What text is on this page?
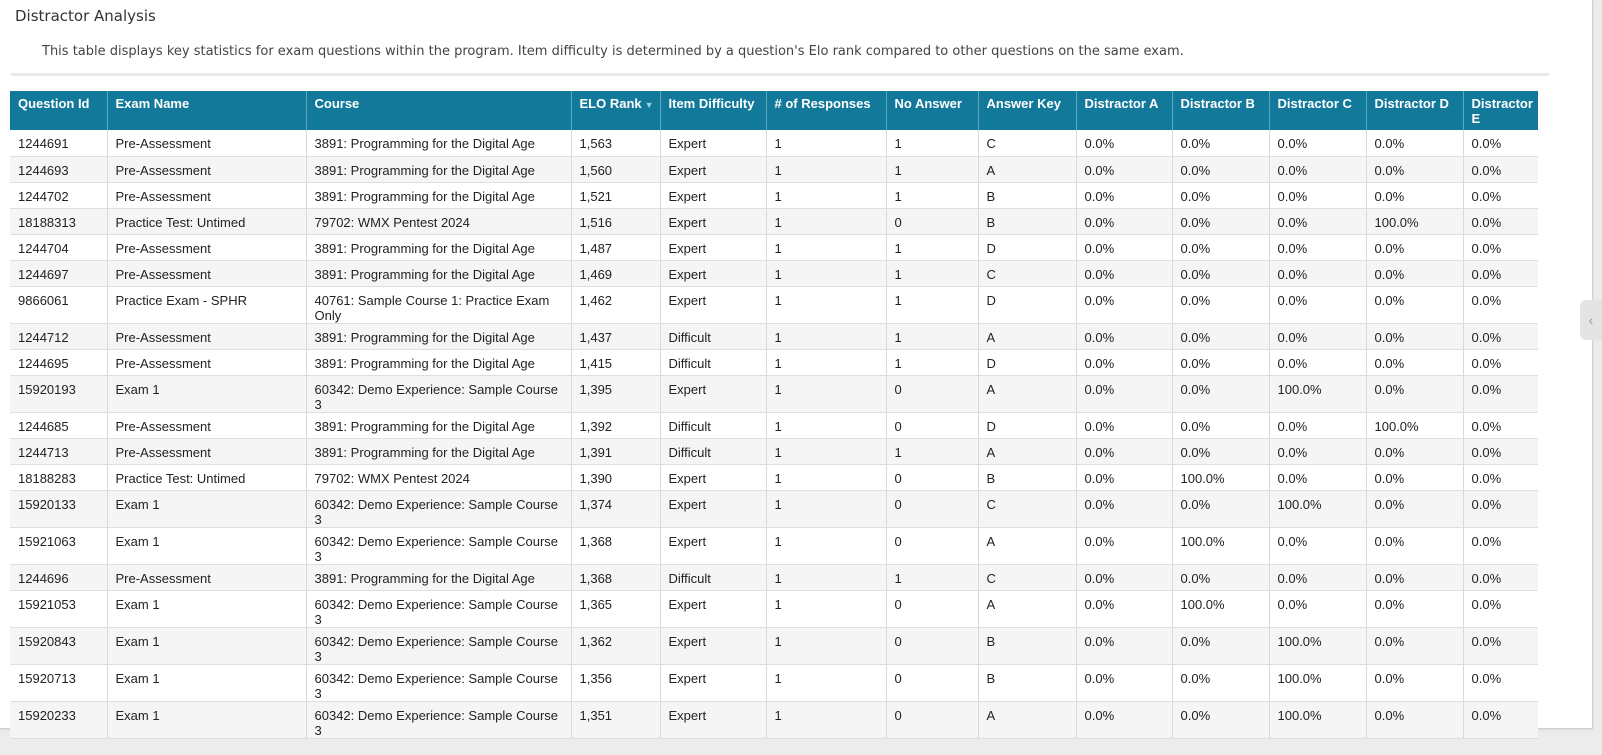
Distractor Analysis
This table displays key statistics for exam questions within the program. Item difficulty is determined by a question's Elo rank compared to other questions on the same exam.
Question Id	Exam Name	Course	ELO Rank ▼	Item Difficulty	# of Responses	No Answer	Answer Key	Distractor A	Distractor B	Distractor C	Distractor D	Distractor E
1244691	Pre-Assessment	3891: Programming for the Digital Age	1,563	Expert	1	1	C	0.0%	0.0%	0.0%	0.0%	0.0%
1244693	Pre-Assessment	3891: Programming for the Digital Age	1,560	Expert	1	1	A	0.0%	0.0%	0.0%	0.0%	0.0%
1244702	Pre-Assessment	3891: Programming for the Digital Age	1,521	Expert	1	1	B	0.0%	0.0%	0.0%	0.0%	0.0%
18188313	Practice Test: Untimed	79702: WMX Pentest 2024	1,516	Expert	1	0	B	0.0%	0.0%	0.0%	100.0%	0.0%
1244704	Pre-Assessment	3891: Programming for the Digital Age	1,487	Expert	1	1	D	0.0%	0.0%	0.0%	0.0%	0.0%
1244697	Pre-Assessment	3891: Programming for the Digital Age	1,469	Expert	1	1	C	0.0%	0.0%	0.0%	0.0%	0.0%
9866061	Practice Exam - SPHR	40761: Sample Course 1: Practice Exam Only	1,462	Expert	1	1	D	0.0%	0.0%	0.0%	0.0%	0.0%
1244712	Pre-Assessment	3891: Programming for the Digital Age	1,437	Difficult	1	1	A	0.0%	0.0%	0.0%	0.0%	0.0%
1244695	Pre-Assessment	3891: Programming for the Digital Age	1,415	Difficult	1	1	D	0.0%	0.0%	0.0%	0.0%	0.0%
15920193	Exam 1	60342: Demo Experience: Sample Course 3	1,395	Expert	1	0	A	0.0%	0.0%	100.0%	0.0%	0.0%
1244685	Pre-Assessment	3891: Programming for the Digital Age	1,392	Difficult	1	0	D	0.0%	0.0%	0.0%	100.0%	0.0%
1244713	Pre-Assessment	3891: Programming for the Digital Age	1,391	Difficult	1	1	A	0.0%	0.0%	0.0%	0.0%	0.0%
18188283	Practice Test: Untimed	79702: WMX Pentest 2024	1,390	Expert	1	0	B	0.0%	100.0%	0.0%	0.0%	0.0%
15920133	Exam 1	60342: Demo Experience: Sample Course 3	1,374	Expert	1	0	C	0.0%	0.0%	100.0%	0.0%	0.0%
15921063	Exam 1	60342: Demo Experience: Sample Course 3	1,368	Expert	1	0	A	0.0%	100.0%	0.0%	0.0%	0.0%
1244696	Pre-Assessment	3891: Programming for the Digital Age	1,368	Difficult	1	1	C	0.0%	0.0%	0.0%	0.0%	0.0%
15921053	Exam 1	60342: Demo Experience: Sample Course 3	1,365	Expert	1	0	A	0.0%	100.0%	0.0%	0.0%	0.0%
15920843	Exam 1	60342: Demo Experience: Sample Course 3	1,362	Expert	1	0	B	0.0%	0.0%	100.0%	0.0%	0.0%
15920713	Exam 1	60342: Demo Experience: Sample Course 3	1,356	Expert	1	0	B	0.0%	0.0%	100.0%	0.0%	0.0%
15920233	Exam 1	60342: Demo Experience: Sample Course 3	1,351	Expert	1	0	A	0.0%	0.0%	100.0%	0.0%	0.0%
‹
